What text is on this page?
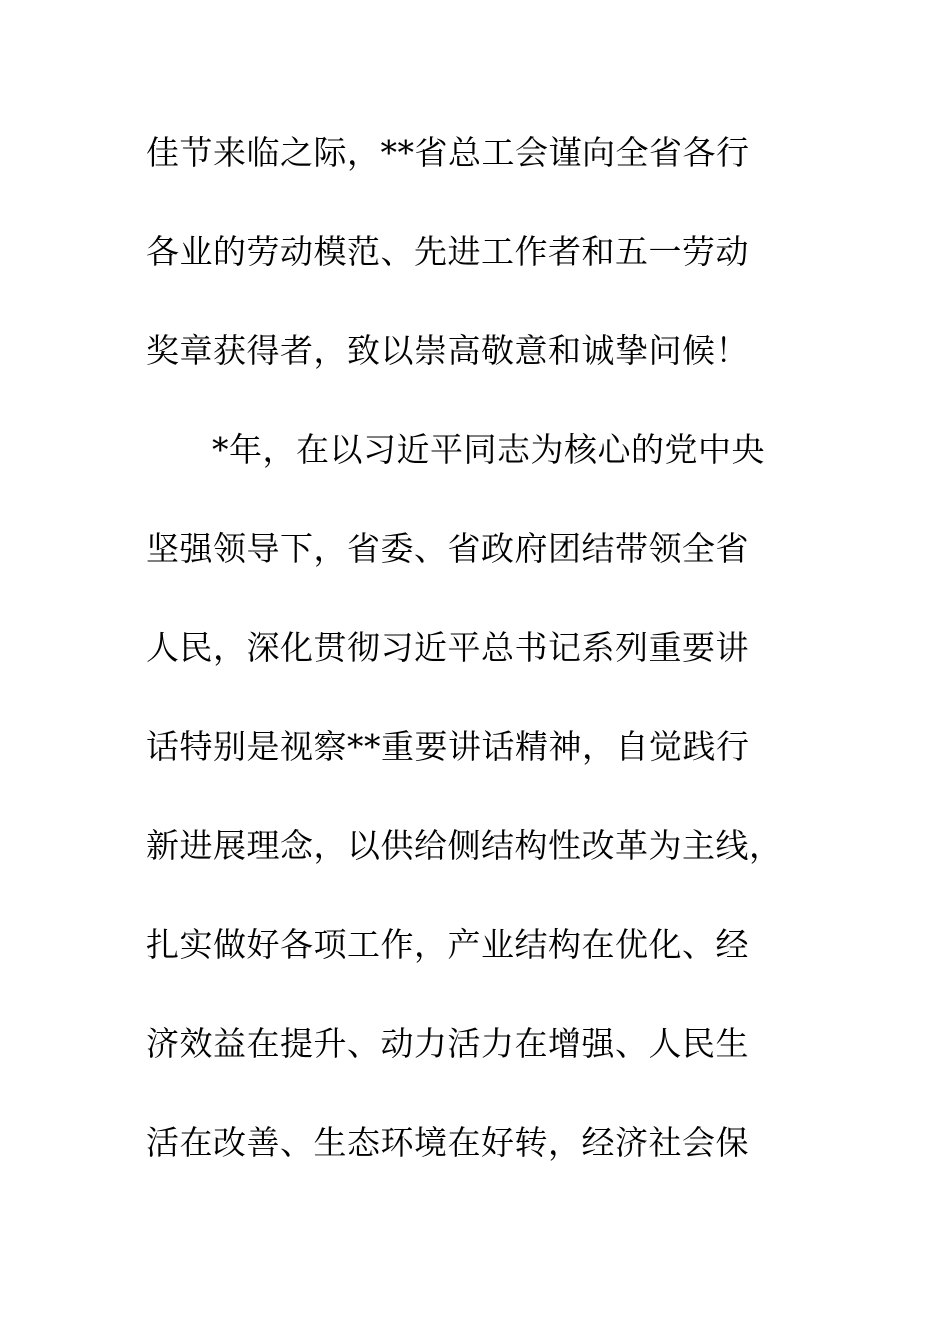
佳节来临之际，**省总工会谨向全省各行
各业的劳动模范、先进工作者和五一劳动
奖章获得者，致以崇高敬意和诚挚问候！
*年，在以习近平同志为核心的党中央
坚强领导下，省委、省政府团结带领全省
人民，深化贯彻习近平总书记系列重要讲
话特别是视察**重要讲话精神，自觉践行
新进展理念，以供给侧结构性改革为主线，
扎实做好各项工作，产业结构在优化、经
济效益在提升、动力活力在增强、人民生
活在改善、生态环境在好转，经济社会保
